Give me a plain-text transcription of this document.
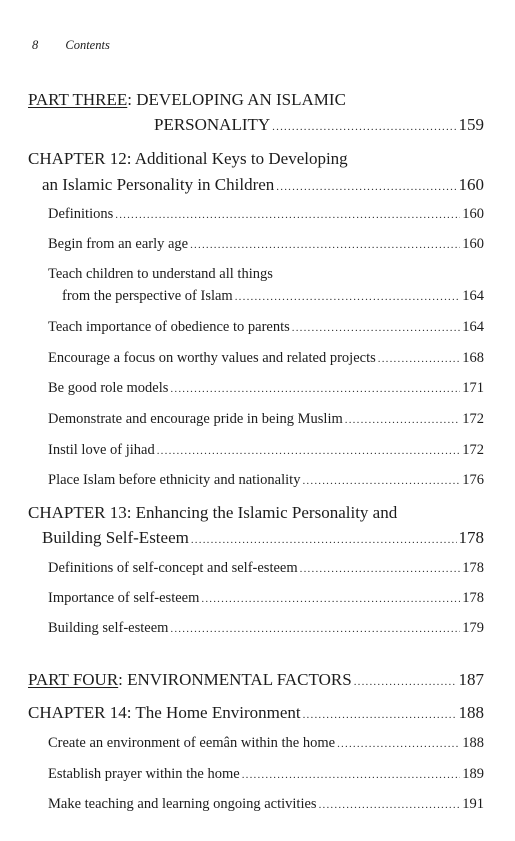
8 Contents
PART THREE: DEVELOPING AN ISLAMIC
PERSONALITY .....	159
CHAPTER 12: Additional Keys to Developing
an Islamic Personality in Children .....	160
Definitions .....	160
Begin from an early age .....	160
Teach children to understand all things
from the perspective of Islam .....	164
Teach importance of obedience to parents .....	164
Encourage a focus on worthy values and related projects .....	168
Be good role models .....	171
Demonstrate and encourage pride in being Muslim .....	172
Instil love of jihad .....	172
Place Islam before ethnicity and nationality .....	176
CHAPTER 13: Enhancing the Islamic Personality and
Building Self-Esteem .....	178
Definitions of self-concept and self-esteem .....	178
Importance of self-esteem .....	178
Building self-esteem .....	179
PART FOUR: ENVIRONMENTAL FACTORS .....	187
CHAPTER 14: The Home Environment .....	188
Create an environment of eemân within the home .....	188
Establish prayer within the home .....	189
Make teaching and learning ongoing activities .....	191
